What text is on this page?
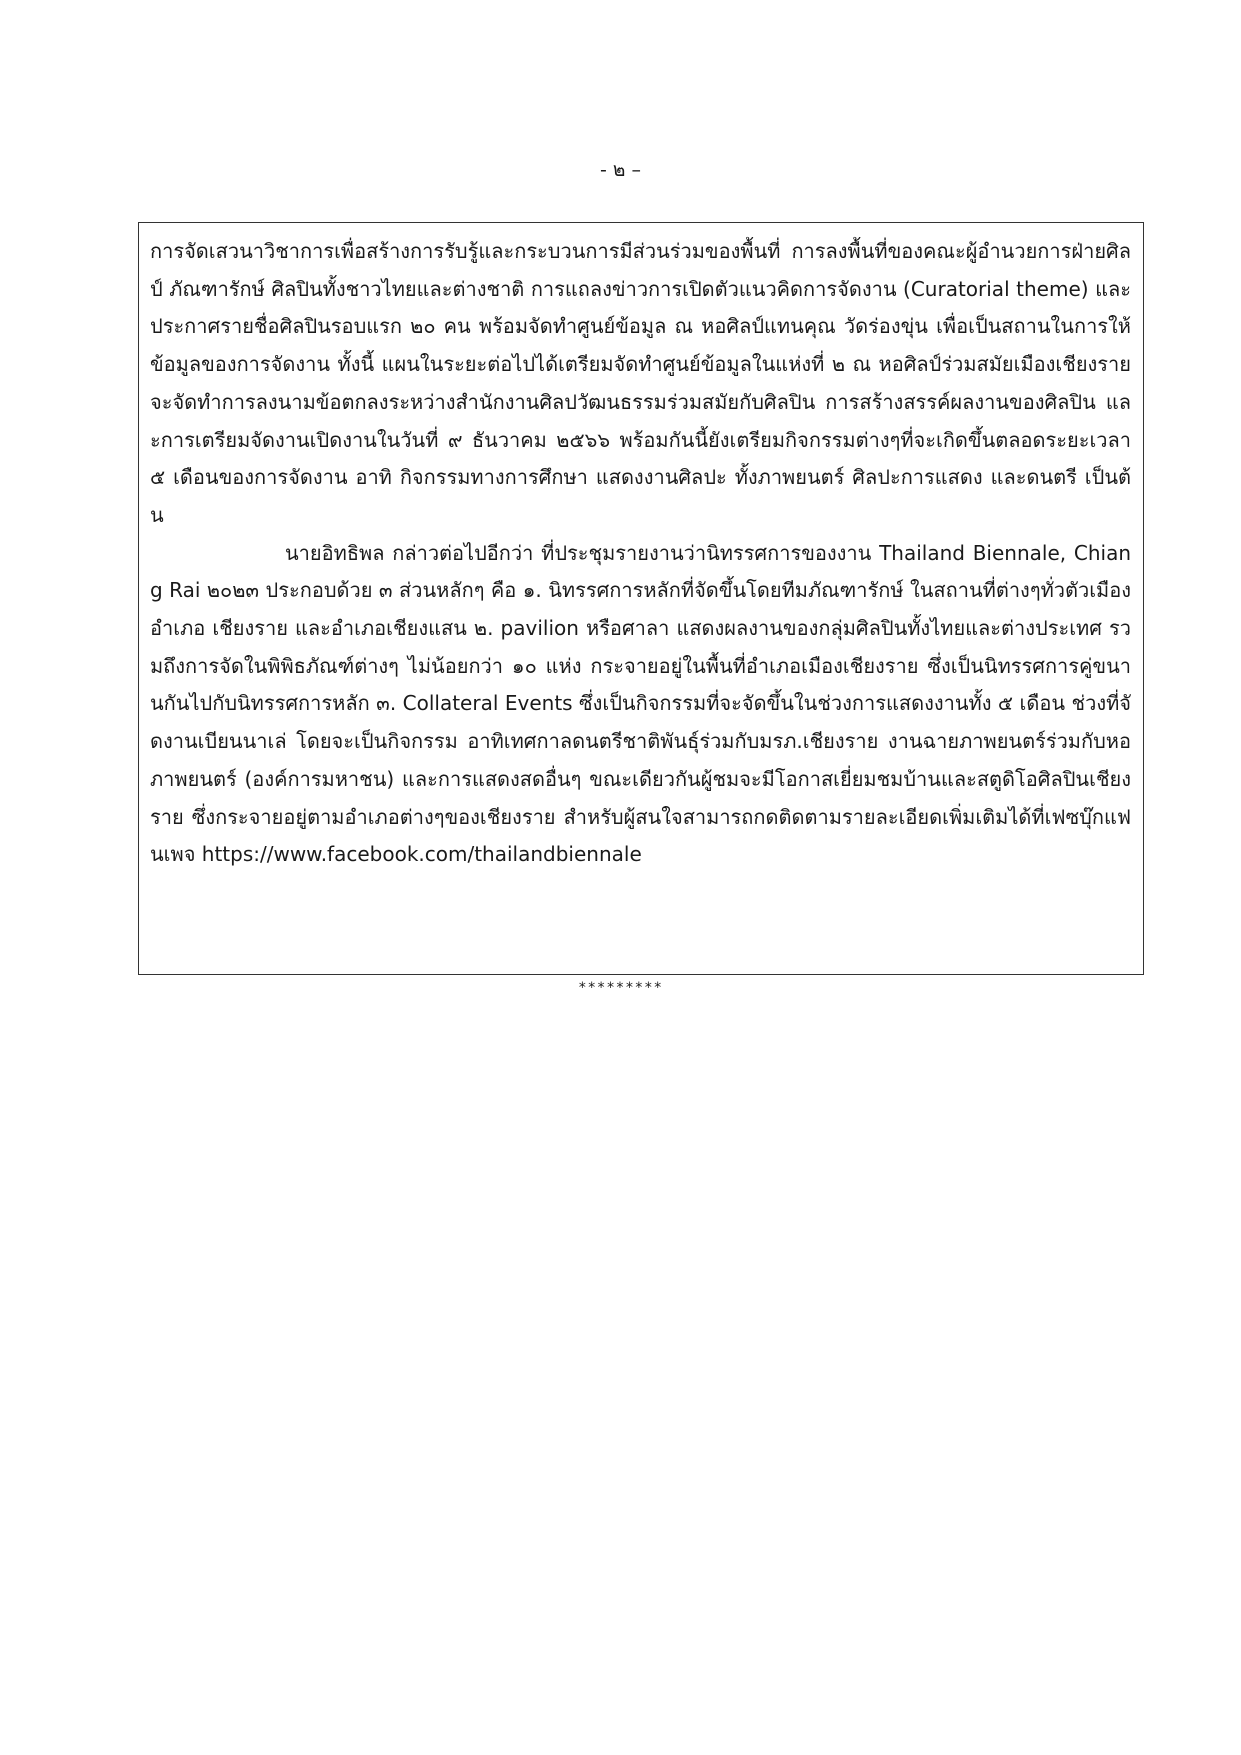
- ๒ –

การจัดเสวนาวิชาการเพื่อสร้างการรับรู้และกระบวนการมีส่วนร่วมของพื้นที่ การลงพื้นที่ของคณะผู้อำนวยการฝ่ายศิลป์ ภัณฑารักษ์ ศิลปินทั้งชาวไทยและต่างชาติ การแถลงข่าวการเปิดตัวแนวคิดการจัดงาน (Curatorial theme) และประกาศรายชื่อศิลปินรอบแรก ๒๐ คน พร้อมจัดทำศูนย์ข้อมูล ณ หอศิลป์แทนคุณ วัดร่องขุ่น เพื่อเป็นสถานในการให้ข้อมูลของการจัดงาน ทั้งนี้ แผนในระยะต่อไปได้เตรียมจัดทำศูนย์ข้อมูลในแห่งที่ ๒ ณ หอศิลป์ร่วมสมัยเมืองเชียงราย จะจัดทำการลงนามข้อตกลงระหว่างสำนักงานศิลปวัฒนธรรมร่วมสมัยกับศิลปิน การสร้างสรรค์ผลงานของศิลปิน และการเตรียมจัดงานเปิดงานในวันที่ ๙ ธันวาคม ๒๕๖๖ พร้อมกันนี้ยังเตรียมกิจกรรมต่างๆที่จะเกิดขึ้นตลอดระยะเวลา ๕ เดือนของการจัดงาน อาทิ กิจกรรมทางการศึกษา แสดงงานศิลปะ ทั้งภาพยนตร์ ศิลปะการแสดง และดนตรี เป็นต้น

นายอิทธิพล กล่าวต่อไปอีกว่า ที่ประชุมรายงานว่านิทรรศการของงาน Thailand Biennale, Chiang Rai ๒๐๒๓ ประกอบด้วย ๓ ส่วนหลักๆ คือ ๑. นิทรรศการหลักที่จัดขึ้นโดยทีมภัณฑารักษ์ ในสถานที่ต่างๆทั่วตัวเมืองอำเภอ เชียงราย และอำเภอเชียงแสน ๒. pavilion หรือศาลา แสดงผลงานของกลุ่มศิลปินทั้งไทยและต่างประเทศ รวมถึงการจัดในพิพิธภัณฑ์ต่างๆ ไม่น้อยกว่า ๑๐ แห่ง กระจายอยู่ในพื้นที่อำเภอเมืองเชียงราย ซึ่งเป็นนิทรรศการคู่ขนานกันไปกับนิทรรศการหลัก ๓. Collateral Events ซึ่งเป็นกิจกรรมที่จะจัดขึ้นในช่วงการแสดงงานทั้ง ๕ เดือน ช่วงที่จัดงานเบียนนาเล่ โดยจะเป็นกิจกรรม อาทิเทศกาลดนตรีชาติพันธุ์ร่วมกับมรภ.เชียงราย งานฉายภาพยนตร์ร่วมกับหอภาพยนตร์ (องค์การมหาชน) และการแสดงสดอื่นๆ ขณะเดียวกันผู้ชมจะมีโอกาสเยี่ยมชมบ้านและสตูดิโอศิลปินเชียงราย ซึ่งกระจายอยู่ตามอำเภอต่างๆของเชียงราย สำหรับผู้สนใจสามารถกดติดตามรายละเอียดเพิ่มเติมได้ที่เฟซบุ๊กแฟนเพจ https://www.facebook.com/thailandbiennale

*********
